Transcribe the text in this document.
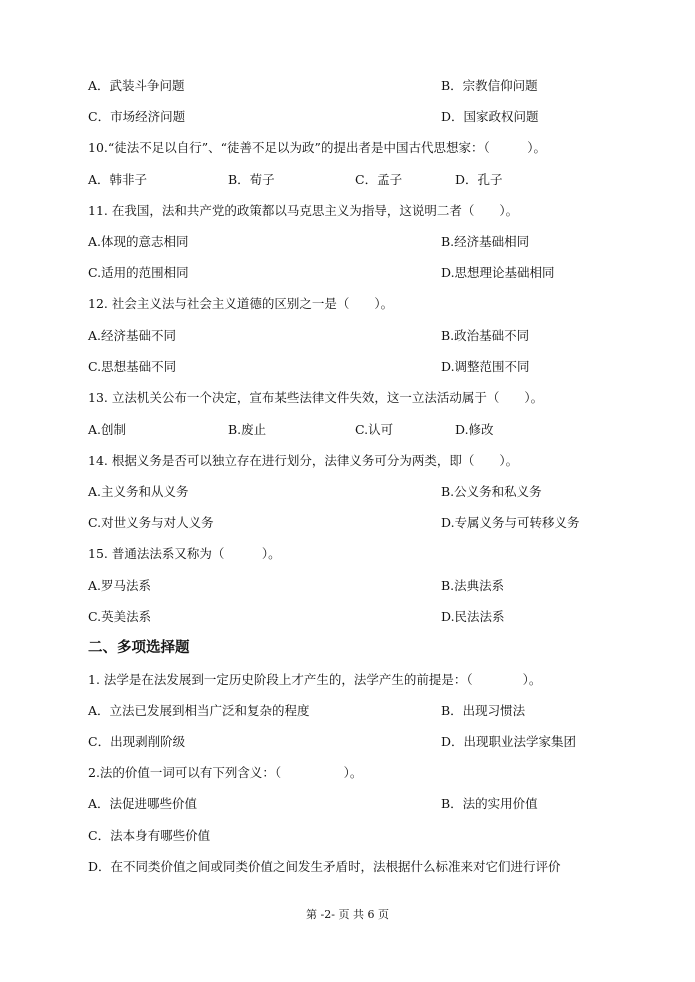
A．武装斗争问题	B．宗教信仰问题
C．市场经济问题	D．国家政权问题
10.“徒法不足以自行”、“徒善不足以为政”的提出者是中国古代思想家：（　　　）。
A．韩非子	B．荀子	C．孟子	D．孔子
11. 在我国，法和共产党的政策都以马克思主义为指导，这说明二者（　　）。
A.体现的意志相同	B.经济基础相同
C.适用的范围相同	D.思想理论基础相同
12. 社会主义法与社会主义道德的区别之一是（　　）。
A.经济基础不同	B.政治基础不同
C.思想基础不同	D.调整范围不同
13. 立法机关公布一个决定，宣布某些法律文件失效，这一立法活动属于（　　）。
A.创制	B.废止	C.认可	D.修改
14. 根据义务是否可以独立存在进行划分，法律义务可分为两类，即（　　）。
A.主义务和从义务	B.公义务和私义务
C.对世义务与对人义务	D.专属义务与可转移义务
15. 普通法法系又称为（　　　）。
A.罗马法系	B.法典法系
C.英美法系	D.民法法系
二、多项选择题
1. 法学是在法发展到一定历史阶段上才产生的，法学产生的前提是：（　　　　）。
A．立法已发展到相当广泛和复杂的程度	B．出现习惯法
C．出现剥削阶级	D．出现职业法学家集团
2.法的价值一词可以有下列含义：（　　　　　）。
A．法促进哪些价值	B．法的实用价值
C．法本身有哪些价值
D．在不同类价值之间或同类价值之间发生矛盾时，法根据什么标准来对它们进行评价
第 -2- 页 共 6 页
